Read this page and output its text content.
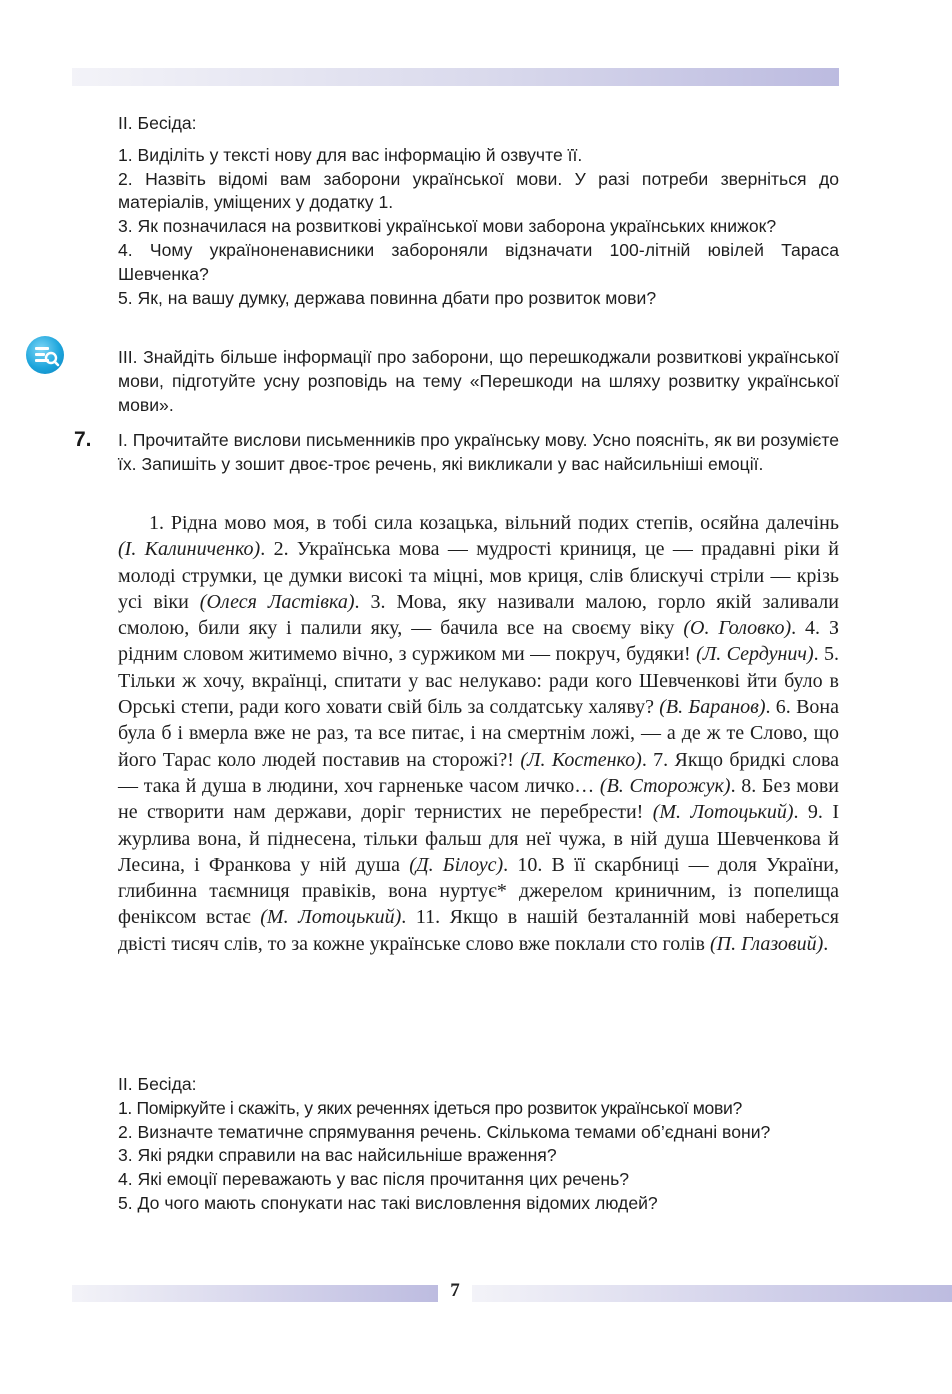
ІІ. Бесіда:

1. Виділіть у тексті нову для вас інформацію й озвучте її.

2. Назвіть відомі вам заборони української мови. У разі потреби зверніться до матеріалів, уміщених у додатку 1.

3. Як позначилася на розвиткові української мови заборона українських книжок?

4. Чому україноненависники забороняли відзначати 100-літній ювілей Тараса Шевченка?

5. Як, на вашу думку, держава повинна дбати про розвиток мови?

ІІІ. Знайдіть більше інформації про заборони, що перешкоджали розвиткові української мови, підготуйте усну розповідь на тему «Перешкоди на шляху розвитку української мови».

7. І. Прочитайте вислови письменників про українську мову. Усно поясніть, як ви розумієте їх. Запишіть у зошит двоє-троє речень, які викликали у вас найсильніші емоції.

1. Рідна мово моя, в тобі сила козацька, вільний подих степів, осяйна далечінь (І. Калиниченко). 2. Українська мова — мудрості криниця, це — прадавні ріки й молоді струмки, це думки високі та міцні, мов криця, слів блискучі стріли — крізь усі віки (Олеся Ластівка). 3. Мова, яку називали малою, горло якій заливали смолою, били яку і палили яку, — бачила все на своєму віку (О. Головко). 4. З рідним словом житимемо вічно, з суржиком ми — покруч, будяки! (Л. Сердунич). 5. Тільки ж хочу, вкраїнці, спитати у вас нелукаво: ради кого Шевченкові йти було в Орські степи, ради кого ховати свій біль за солдатську халяву? (В. Баранов). 6. Вона була б і вмерла вже не раз, та все питає, і на смертнім ложі, — а де ж те Слово, що його Тарас коло людей поставив на сторожі?! (Л. Костенко). 7. Якщо бридкі слова — така й душа в людини, хоч гарненьке часом личко… (В. Сторожук). 8. Без мови не створити нам держави, доріг тернистих не перебрести! (М. Лотоцький). 9. І журлива вона, й піднесена, тільки фальш для неї чужа, в ній душа Шевченкова й Лесина, і Франкова у ній душа (Д. Білоус). 10. В її скарбниці — доля України, глибинна таємниця правіків, вона нуртує* джерелом криничним, із попелища феніксом встає (М. Лотоцький). 11. Якщо в нашій безталанній мові набереться двісті тисяч слів, то за кожне українське слово вже поклали сто голів (П. Глазовий).

ІІ. Бесіда:

1. Поміркуйте і скажіть, у яких реченнях ідеться про розвиток української мови?

2. Визначте тематичне спрямування речень. Скількома темами об’єднані вони?

3. Які рядки справили на вас найсильніше враження?

4. Які емоції переважають у вас після прочитання цих речень?

5. До чого мають спонукати нас такі висловлення відомих людей?

7
